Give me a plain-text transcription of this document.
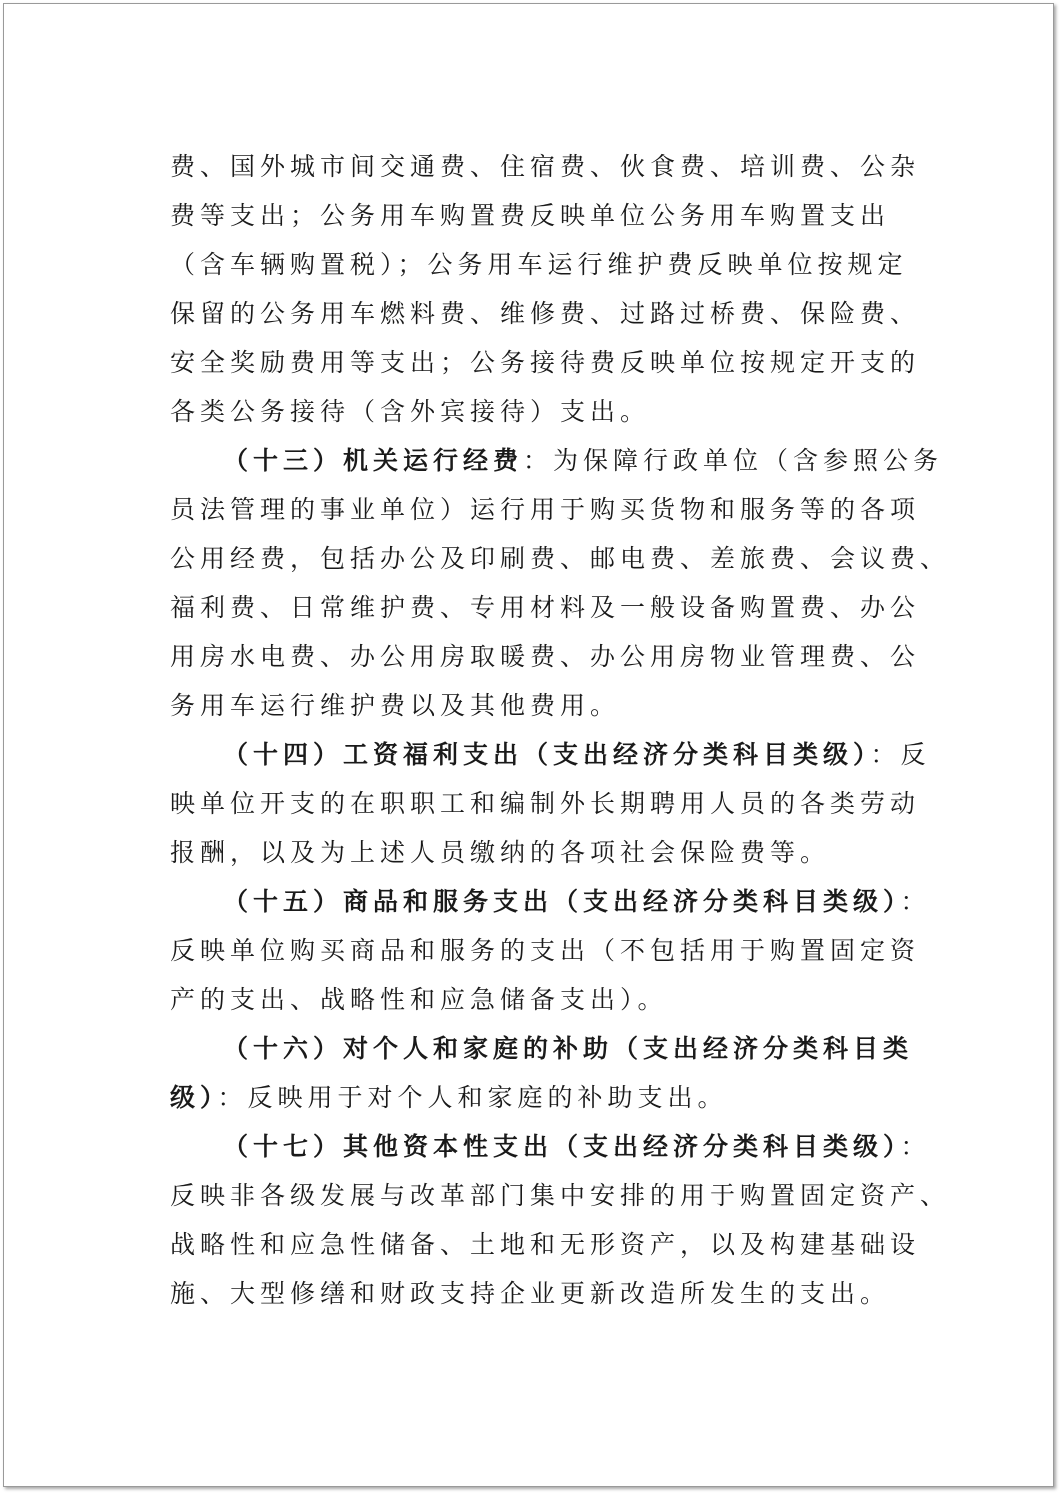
费、国外城市间交通费、住宿费、伙食费、培训费、公杂
费等支出；公务用车购置费反映单位公务用车购置支出
（含车辆购置税）；公务用车运行维护费反映单位按规定
保留的公务用车燃料费、维修费、过路过桥费、保险费、
安全奖励费用等支出；公务接待费反映单位按规定开支的
各类公务接待（含外宾接待）支出。
（十三）机关运行经费：为保障行政单位（含参照公务
员法管理的事业单位）运行用于购买货物和服务等的各项
公用经费，包括办公及印刷费、邮电费、差旅费、会议费、
福利费、日常维护费、专用材料及一般设备购置费、办公
用房水电费、办公用房取暖费、办公用房物业管理费、公
务用车运行维护费以及其他费用。
（十四）工资福利支出（支出经济分类科目类级）：反
映单位开支的在职职工和编制外长期聘用人员的各类劳动
报酬，以及为上述人员缴纳的各项社会保险费等。
（十五）商品和服务支出（支出经济分类科目类级）：
反映单位购买商品和服务的支出（不包括用于购置固定资
产的支出、战略性和应急储备支出）。
（十六）对个人和家庭的补助（支出经济分类科目类
级）：反映用于对个人和家庭的补助支出。
（十七）其他资本性支出（支出经济分类科目类级）：
反映非各级发展与改革部门集中安排的用于购置固定资产、
战略性和应急性储备、土地和无形资产，以及构建基础设
施、大型修缮和财政支持企业更新改造所发生的支出。
